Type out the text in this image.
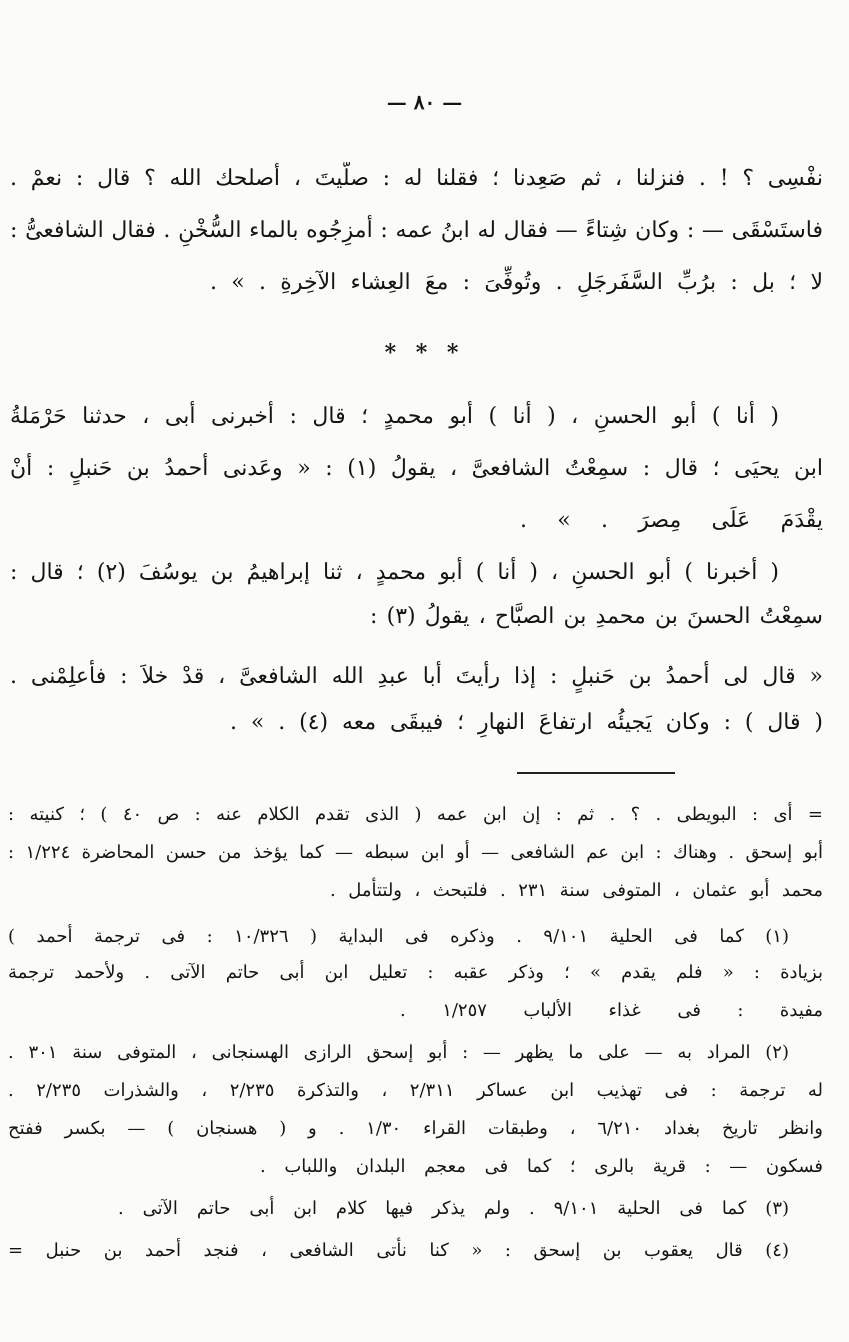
— ٨٠ —
نفْسِى ؟ ! . فنزلنا ، ثم صَعِدنا ؛ فقلنا له : صلَّيتَ ، أصلحك الله ؟ قال : نعمْ .
فاستَسْقَى — : وكان شِتاءً — فقال له ابنُ عمه : أمزِجُوه بالماء السُّخْنِ . فقال الشافعىُّ :
لا ؛ بل : برُبِّ السَّفَرجَلِ . وتُوفِّىَ : معَ العِشاء الآخِرةِ . » .
* * *
( أنا ) أبو الحسنِ ، ( أنا ) أبو محمدٍ ؛ قال : أخبرنى أبى ، حدثنا حَرْمَلةُ
ابن يحيَى ؛ قال : سمِعْتُ الشافعىَّ ، يقولُ (١) : « وعَدنى أحمدُ بن حَنبلٍ : أنْ
يقْدَمَ عَلَى مِصرَ . » .
( أخبرنا ) أبو الحسنِ ، ( أنا ) أبو محمدٍ ، ثنا إبراهيمُ بن يوسُفَ (٢) ؛ قال :
سمِعْتُ الحسنَ بن محمدِ بن الصبَّاح ، يقولُ (٣) :
« قال لى أحمدُ بن حَنبلٍ : إذا رأيتَ أبا عبدِ الله الشافعىَّ ، قدْ خلاَ : فأعلِمْنى .
( قال ) : وكان يَجيئُه ارتفاعَ النهارِ ؛ فيبقَى معه (٤) . » .
= أى : البويطى . ؟ . ثم : إن ابن عمه ( الذى تقدم الكلام عنه : ص ٤٠ ) ؛ كنيته :
أبو إسحق . وهناك : ابن عم الشافعى — أو ابن سبطه — كما يؤخذ من حسن المحاضرة ١/٢٢٤ :
محمد أبو عثمان ، المتوفى سنة ٢٣١ . فلتبحث ، ولتتأمل .
(١) كما فى الحلية ٩/١٠١ . وذكره فى البداية ( ١٠/٣٢٦ : فى ترجمة أحمد )
بزيادة : « فلم يقدم » ؛ وذكر عقبه : تعليل ابن أبى حاتم الآتى . ولأحمد ترجمة
مفيدة : فى غذاء الألباب ١/٢٥٧ .
(٢) المراد به — على ما يظهر — : أبو إسحق الرازى الهسنجانى ، المتوفى سنة ٣٠١ .
له ترجمة : فى تهذيب ابن عساكر ٢/٣١١ ، والتذكرة ٢/٢٣٥ ، والشذرات ٢/٢٣٥ .
وانظر تاريخ بغداد ٦/٢١٠ ، وطبقات القراء ١/٣٠ . و ( هسنجان ) — بكسر ففتح
فسكون — : قرية بالرى ؛ كما فى معجم البلدان واللباب .
(٣) كما فى الحلية ٩/١٠١ . ولم يذكر فيها كلام ابن أبى حاتم الآتى .
(٤) قال يعقوب بن إسحق : « كنا نأتى الشافعى ، فنجد أحمد بن حنبل =
